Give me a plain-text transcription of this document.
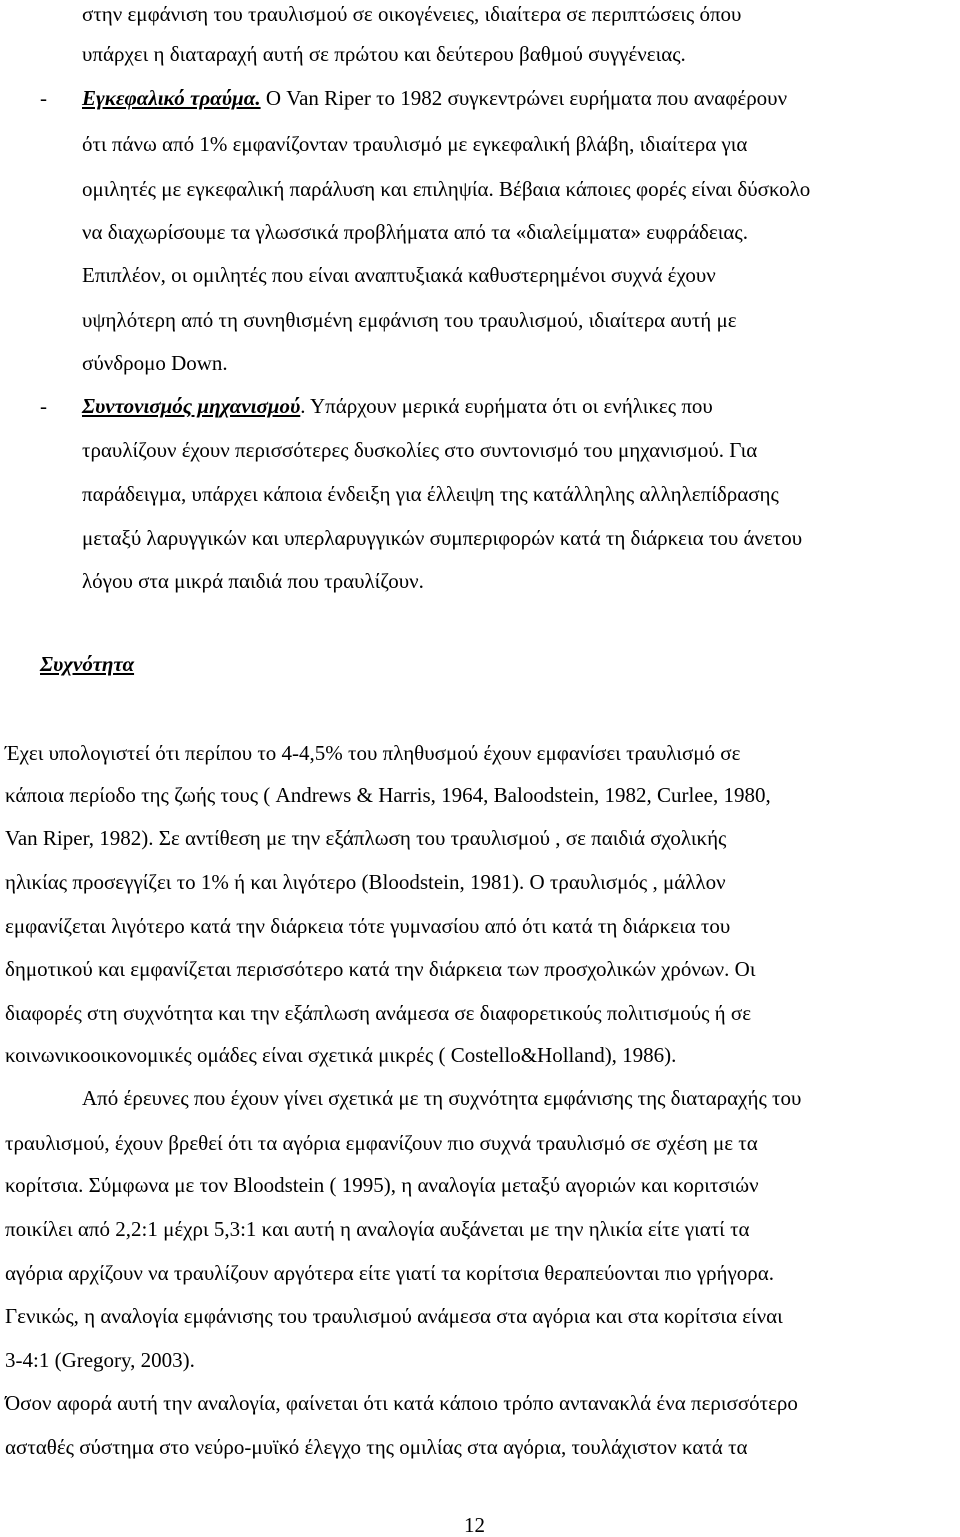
στην εμφάνιση του τραυλισμού σε οικογένειες, ιδιαίτερα σε περιπτώσεις όπου
υπάρχει η διαταραχή αυτή σε πρώτου και δεύτερου βαθμού συγγένειας.
- Εγκεφαλικό τραύμα. Ο Van Riper το 1982 συγκεντρώνει ευρήματα που αναφέρουν
ότι πάνω από 1% εμφανίζονταν τραυλισμό με εγκεφαλική βλάβη, ιδιαίτερα για
ομιλητές με εγκεφαλική παράλυση και επιληψία. Βέβαια κάποιες φορές είναι δύσκολο
να διαχωρίσουμε τα γλωσσικά προβλήματα από τα «διαλείμματα» ευφράδειας.
Επιπλέον, οι ομιλητές που είναι αναπτυξιακά καθυστερημένοι συχνά έχουν
υψηλότερη από τη συνηθισμένη εμφάνιση του τραυλισμού, ιδιαίτερα αυτή με
σύνδρομο Down.
- Συντονισμός μηχανισμού. Υπάρχουν μερικά ευρήματα ότι οι ενήλικες που
τραυλίζουν έχουν περισσότερες δυσκολίες στο συντονισμό του μηχανισμού. Για
παράδειγμα, υπάρχει κάποια ένδειξη για έλλειψη της κατάλληλης αλληλεπίδρασης
μεταξύ λαρυγγικών και υπερλαρυγγικών συμπεριφορών κατά τη διάρκεια του άνετου
λόγου στα μικρά παιδιά που τραυλίζουν.
Συχνότητα
Έχει υπολογιστεί ότι περίπου το 4-4,5% του πληθυσμού έχουν εμφανίσει τραυλισμό σε
κάποια περίοδο της ζωής τους ( Andrews & Harris, 1964, Baloodstein, 1982, Curlee, 1980,
Van Riper, 1982). Σε αντίθεση με την εξάπλωση του τραυλισμού , σε παιδιά σχολικής
ηλικίας προσεγγίζει το 1% ή και λιγότερο (Bloodstein, 1981). Ο τραυλισμός , μάλλον
εμφανίζεται λιγότερο κατά την διάρκεια τότε γυμνασίου από ότι κατά τη διάρκεια του
δημοτικού και εμφανίζεται περισσότερο κατά την διάρκεια των προσχολικών χρόνων. Οι
διαφορές στη συχνότητα και την εξάπλωση ανάμεσα σε διαφορετικούς πολιτισμούς ή σε
κοινωνικοοικονομικές ομάδες είναι σχετικά μικρές ( Costello&Holland), 1986).
Από έρευνες που έχουν γίνει σχετικά με τη συχνότητα εμφάνισης της διαταραχής του
τραυλισμού, έχουν βρεθεί ότι τα αγόρια εμφανίζουν πιο συχνά τραυλισμό σε σχέση με τα
κορίτσια. Σύμφωνα με τον Bloodstein ( 1995), η αναλογία μεταξύ αγοριών και κοριτσιών
ποικίλει από 2,2:1 μέχρι 5,3:1 και αυτή η αναλογία αυξάνεται με την ηλικία είτε γιατί τα
αγόρια αρχίζουν να τραυλίζουν αργότερα είτε γιατί τα κορίτσια θεραπεύονται πιο γρήγορα.
Γενικώς, η αναλογία εμφάνισης του τραυλισμού ανάμεσα στα αγόρια και στα κορίτσια είναι
3-4:1 (Gregory, 2003).
Όσον αφορά αυτή την αναλογία, φαίνεται ότι κατά κάποιο τρόπο αντανακλά ένα περισσότερο
ασταθές σύστημα στο νεύρο-μυϊκό έλεγχο της ομιλίας στα αγόρια, τουλάχιστον κατά τα
12
